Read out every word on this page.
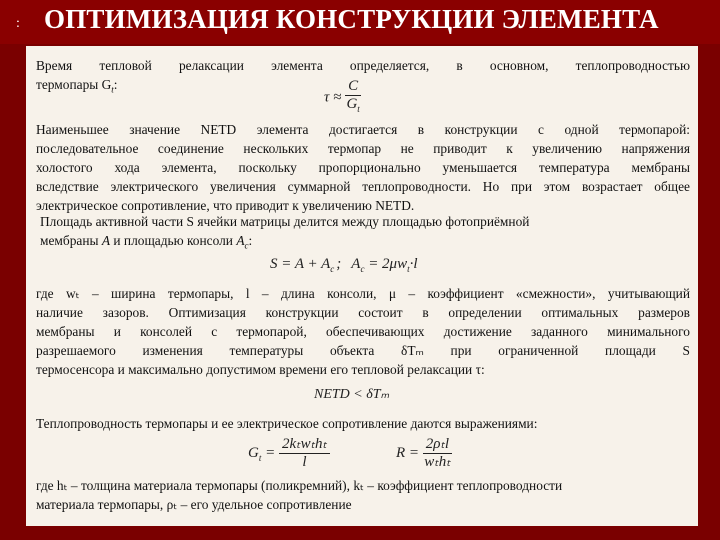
: ОПТИМИЗАЦИЯ КОНСТРУКЦИИ ЭЛЕМЕНТА
Время тепловой релаксации элемента определяется, в основном, теплопроводностью
термопары $G_t$:
$\tau \approx \frac{C}{G_t}$
Наименьшее значение NETD элемента достигается в конструкции с одной термопарой:
последовательное соединение нескольких термопар не приводит к увеличению напряжения
холостого хода элемента, поскольку пропорционально уменьшается температура мембраны
вследствие электрического увеличения суммарной теплопроводности. Но при этом возрастает общее
электрическое сопротивление, что приводит к увеличению NETD.
Площадь активной части S ячейки матрицы делится между площадью фотоприёмной
мембраны A и площадью консоли $A_c$:
$S = A + A_c$ ; $A_c = 2\mu w_t\cdot l$
где wₜ – ширина термопары, l – длина консоли, μ – коэффициент «смежности», учитывающий
наличие зазоров. Оптимизация конструкции состоит в определении оптимальных размеров
мембраны и консолей с термопарой, обеспечивающих достижение заданного минимального
разрешаемого изменения температуры объекта δTₘ при ограниченной площади S
термосенсора и максимально допустимом времени его тепловой релаксации τ:
NETD < δTₘ
Теплопроводность термопары и ее электрическое сопротивление даются выражениями:
$G_t = \frac{\text{2kₜwₜhₜ}}{l}$	$R = \frac{\text{2ρₜl}}{\text{wₜhₜ}}$
где hₜ – толщина материала термопары (поликремний), kₜ – коэффициент теплопроводности
материала термопары, ρₜ – его удельное сопротивление
